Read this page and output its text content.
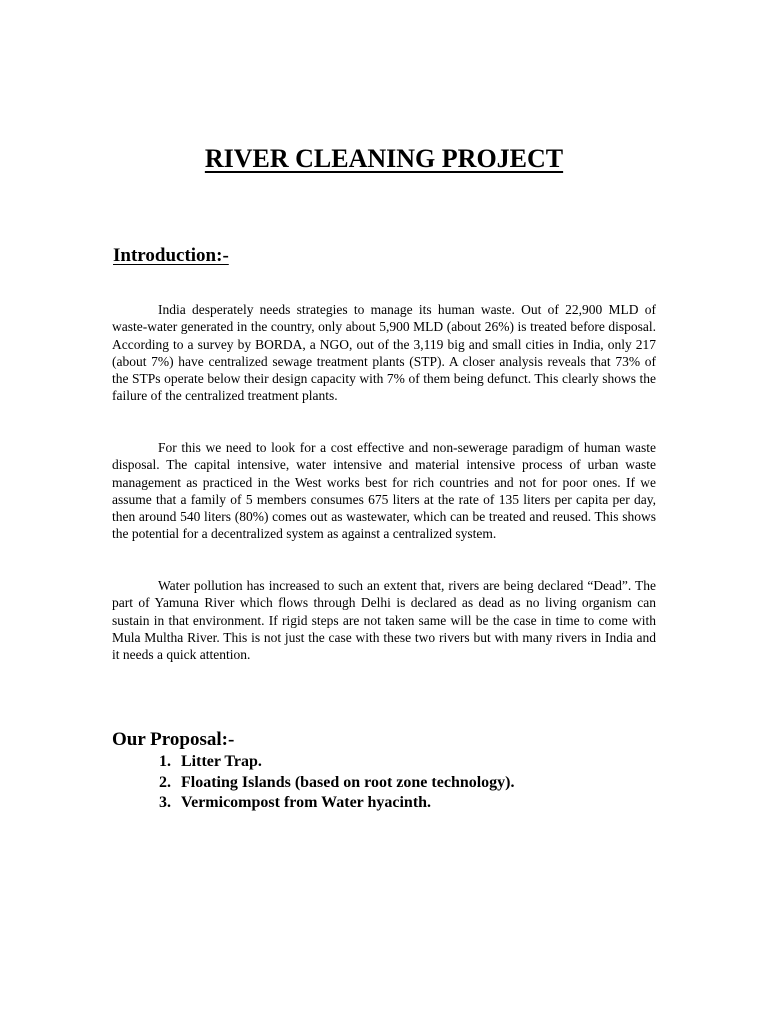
RIVER CLEANING PROJECT
Introduction:-

India desperately needs strategies to manage its human waste. Out of 22,900 MLD of waste-water generated in the country, only about 5,900 MLD (about 26%) is treated before disposal. According to a survey by BORDA, a NGO, out of the 3,119 big and small cities in India, only 217 (about 7%) have centralized sewage treatment plants (STP). A closer analysis reveals that 73% of the STPs operate below their design capacity with 7% of them being defunct. This clearly shows the failure of the centralized treatment plants.

For this we need to look for a cost effective and non-sewerage paradigm of human waste disposal. The capital intensive, water intensive and material intensive process of urban waste management as practiced in the West works best for rich countries and not for poor ones. If we assume that a family of 5 members consumes 675 liters at the rate of 135 liters per capita per day, then around 540 liters (80%) comes out as wastewater, which can be treated and reused. This shows the potential for a decentralized system as against a centralized system.

Water pollution has increased to such an extent that, rivers are being declared “Dead”. The part of Yamuna River which flows through Delhi is declared as dead as no living organism can sustain in that environment. If rigid steps are not taken same will be the case in time to come with Mula Multha River. This is not just the case with these two rivers but with many rivers in India and it needs a quick attention.

Our Proposal:-
1. Litter Trap.
2. Floating Islands (based on root zone technology).
3. Vermicompost from Water hyacinth.
